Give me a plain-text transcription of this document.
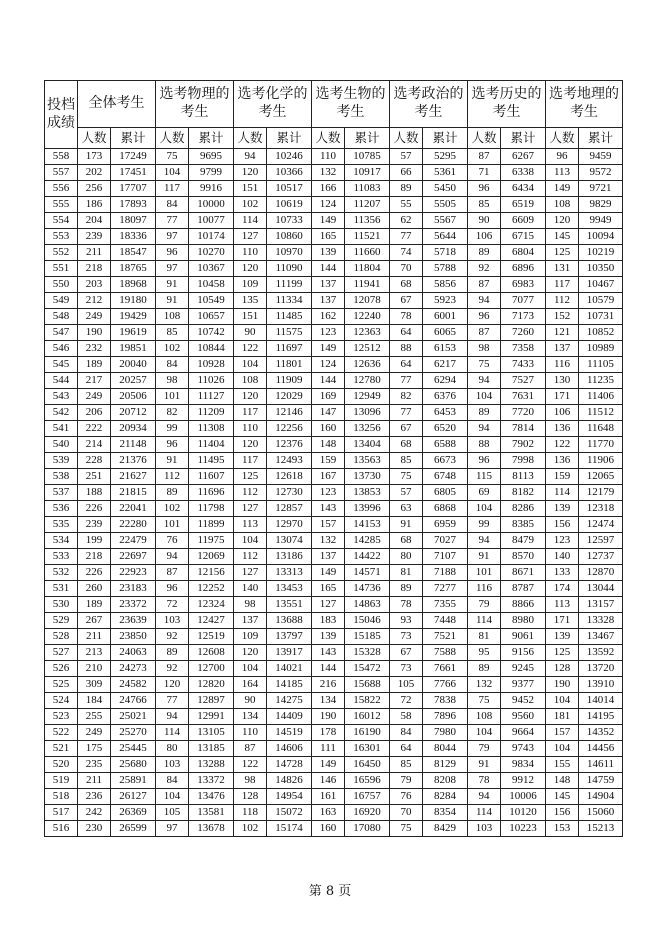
投档成绩	全体考生		选考物理的考生		选考化学的考生		选考生物的考生		选考政治的考生		选考历史的考生		选考地理的考生	
	人数	累计	人数	累计	人数	累计	人数	累计	人数	累计	人数	累计	人数	累计
558	173	17249	75	9695	94	10246	110	10785	57	5295	87	6267	96	9459
557	202	17451	104	9799	120	10366	132	10917	66	5361	71	6338	113	9572
556	256	17707	117	9916	151	10517	166	11083	89	5450	96	6434	149	9721
555	186	17893	84	10000	102	10619	124	11207	55	5505	85	6519	108	9829
554	204	18097	77	10077	114	10733	149	11356	62	5567	90	6609	120	9949
553	239	18336	97	10174	127	10860	165	11521	77	5644	106	6715	145	10094
552	211	18547	96	10270	110	10970	139	11660	74	5718	89	6804	125	10219
551	218	18765	97	10367	120	11090	144	11804	70	5788	92	6896	131	10350
550	203	18968	91	10458	109	11199	137	11941	68	5856	87	6983	117	10467
549	212	19180	91	10549	135	11334	137	12078	67	5923	94	7077	112	10579
548	249	19429	108	10657	151	11485	162	12240	78	6001	96	7173	152	10731
547	190	19619	85	10742	90	11575	123	12363	64	6065	87	7260	121	10852
546	232	19851	102	10844	122	11697	149	12512	88	6153	98	7358	137	10989
545	189	20040	84	10928	104	11801	124	12636	64	6217	75	7433	116	11105
544	217	20257	98	11026	108	11909	144	12780	77	6294	94	7527	130	11235
543	249	20506	101	11127	120	12029	169	12949	82	6376	104	7631	171	11406
542	206	20712	82	11209	117	12146	147	13096	77	6453	89	7720	106	11512
541	222	20934	99	11308	110	12256	160	13256	67	6520	94	7814	136	11648
540	214	21148	96	11404	120	12376	148	13404	68	6588	88	7902	122	11770
539	228	21376	91	11495	117	12493	159	13563	85	6673	96	7998	136	11906
538	251	21627	112	11607	125	12618	167	13730	75	6748	115	8113	159	12065
537	188	21815	89	11696	112	12730	123	13853	57	6805	69	8182	114	12179
536	226	22041	102	11798	127	12857	143	13996	63	6868	104	8286	139	12318
535	239	22280	101	11899	113	12970	157	14153	91	6959	99	8385	156	12474
534	199	22479	76	11975	104	13074	132	14285	68	7027	94	8479	123	12597
533	218	22697	94	12069	112	13186	137	14422	80	7107	91	8570	140	12737
532	226	22923	87	12156	127	13313	149	14571	81	7188	101	8671	133	12870
531	260	23183	96	12252	140	13453	165	14736	89	7277	116	8787	174	13044
530	189	23372	72	12324	98	13551	127	14863	78	7355	79	8866	113	13157
529	267	23639	103	12427	137	13688	183	15046	93	7448	114	8980	171	13328
528	211	23850	92	12519	109	13797	139	15185	73	7521	81	9061	139	13467
527	213	24063	89	12608	120	13917	143	15328	67	7588	95	9156	125	13592
526	210	24273	92	12700	104	14021	144	15472	73	7661	89	9245	128	13720
525	309	24582	120	12820	164	14185	216	15688	105	7766	132	9377	190	13910
524	184	24766	77	12897	90	14275	134	15822	72	7838	75	9452	104	14014
523	255	25021	94	12991	134	14409	190	16012	58	7896	108	9560	181	14195
522	249	25270	114	13105	110	14519	178	16190	84	7980	104	9664	157	14352
521	175	25445	80	13185	87	14606	111	16301	64	8044	79	9743	104	14456
520	235	25680	103	13288	122	14728	149	16450	85	8129	91	9834	155	14611
519	211	25891	84	13372	98	14826	146	16596	79	8208	78	9912	148	14759
518	236	26127	104	13476	128	14954	161	16757	76	8284	94	10006	145	14904
517	242	26369	105	13581	118	15072	163	16920	70	8354	114	10120	156	15060
516	230	26599	97	13678	102	15174	160	17080	75	8429	103	10223	153	15213
第 8 页
